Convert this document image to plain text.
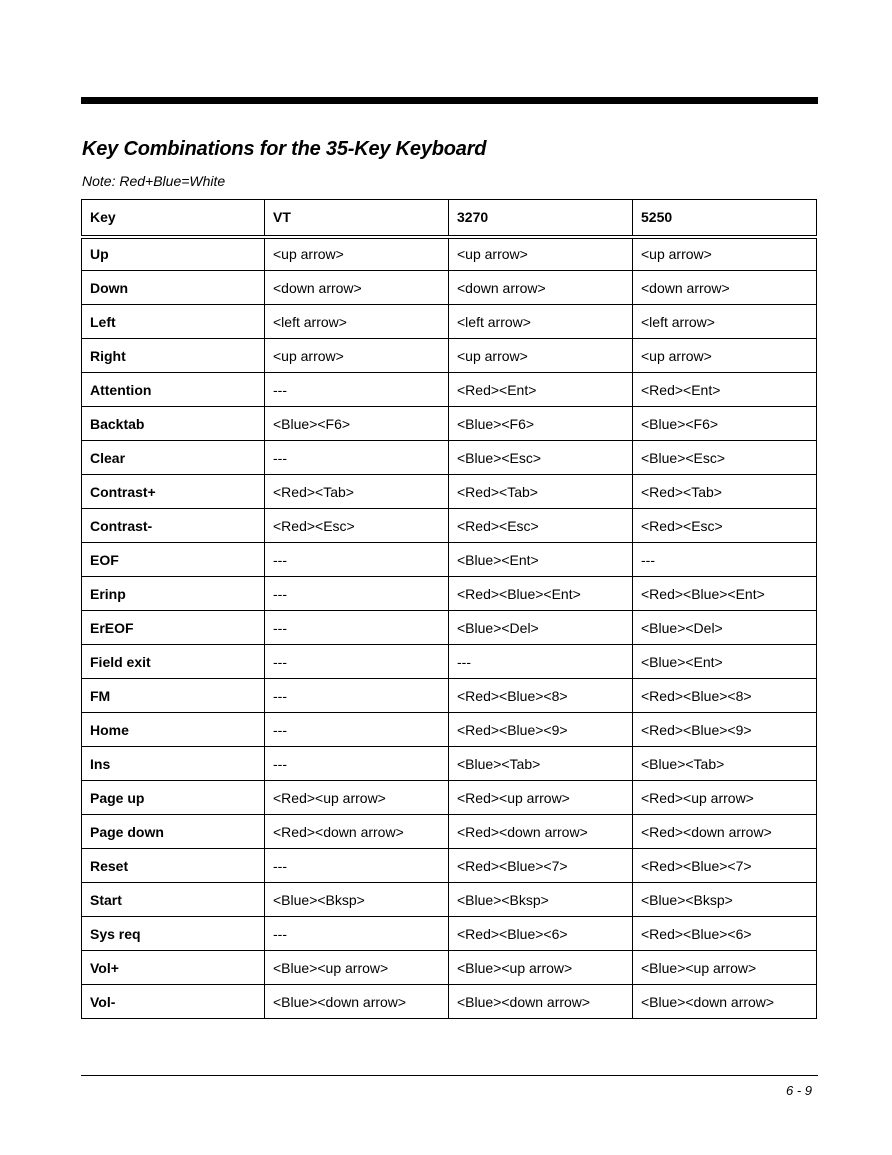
Key Combinations for the 35-Key Keyboard

Note: Red+Blue=White

Key	VT	3270	5250
Up	<up arrow>	<up arrow>	<up arrow>
Down	<down arrow>	<down arrow>	<down arrow>
Left	<left arrow>	<left arrow>	<left arrow>
Right	<up arrow>	<up arrow>	<up arrow>
Attention	---	<Red><Ent>	<Red><Ent>
Backtab	<Blue><F6>	<Blue><F6>	<Blue><F6>
Clear	---	<Blue><Esc>	<Blue><Esc>
Contrast+	<Red><Tab>	<Red><Tab>	<Red><Tab>
Contrast-	<Red><Esc>	<Red><Esc>	<Red><Esc>
EOF	---	<Blue><Ent>	---
Erinp	---	<Red><Blue><Ent>	<Red><Blue><Ent>
ErEOF	---	<Blue><Del>	<Blue><Del>
Field exit	---	---	<Blue><Ent>
FM	---	<Red><Blue><8>	<Red><Blue><8>
Home	---	<Red><Blue><9>	<Red><Blue><9>
Ins	---	<Blue><Tab>	<Blue><Tab>
Page up	<Red><up arrow>	<Red><up arrow>	<Red><up arrow>
Page down	<Red><down arrow>	<Red><down arrow>	<Red><down arrow>
Reset	---	<Red><Blue><7>	<Red><Blue><7>
Start	<Blue><Bksp>	<Blue><Bksp>	<Blue><Bksp>
Sys req	---	<Red><Blue><6>	<Red><Blue><6>
Vol+	<Blue><up arrow>	<Blue><up arrow>	<Blue><up arrow>
Vol-	<Blue><down arrow>	<Blue><down arrow>	<Blue><down arrow>

6 - 9
